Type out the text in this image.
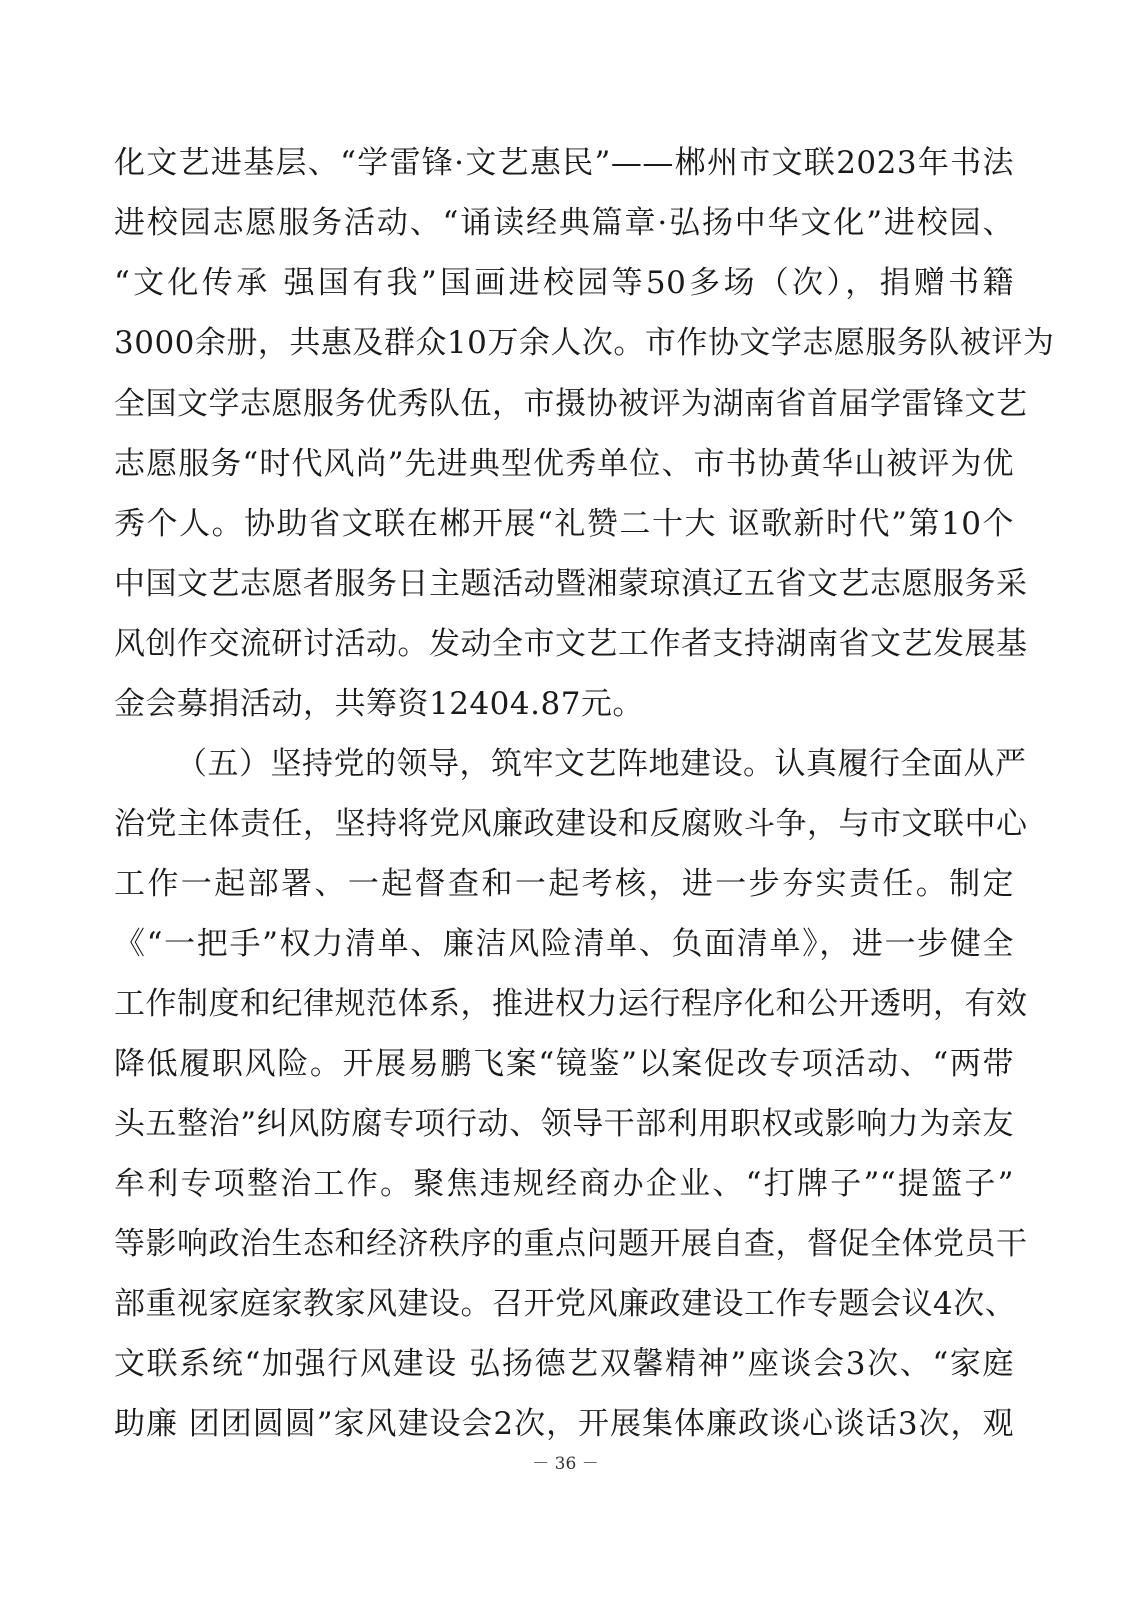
化文艺进基层、“学雷锋·文艺惠民”——郴州市文联2023年书法
进校园志愿服务活动、“诵读经典篇章·弘扬中华文化”进校园、
“文化传承 强国有我”国画进校园等50多场（次），捐赠书籍
3000余册，共惠及群众10万余人次。市作协文学志愿服务队被评为
全国文学志愿服务优秀队伍，市摄协被评为湖南省首届学雷锋文艺
志愿服务“时代风尚”先进典型优秀单位、市书协黄华山被评为优
秀个人。协助省文联在郴开展“礼赞二十大 讴歌新时代”第10个
中国文艺志愿者服务日主题活动暨湘蒙琼滇辽五省文艺志愿服务采
风创作交流研讨活动。发动全市文艺工作者支持湖南省文艺发展基
金会募捐活动，共筹资12404.87元。
（五）坚持党的领导，筑牢文艺阵地建设。认真履行全面从严
治党主体责任，坚持将党风廉政建设和反腐败斗争，与市文联中心
工作一起部署、一起督查和一起考核，进一步夯实责任。制定
《“一把手”权力清单、廉洁风险清单、负面清单》，进一步健全
工作制度和纪律规范体系，推进权力运行程序化和公开透明，有效
降低履职风险。开展易鹏飞案“镜鉴”以案促改专项活动、“两带
头五整治”纠风防腐专项行动、领导干部利用职权或影响力为亲友
牟利专项整治工作。聚焦违规经商办企业、“打牌子”“提篮子”
等影响政治生态和经济秩序的重点问题开展自查，督促全体党员干
部重视家庭家教家风建设。召开党风廉政建设工作专题会议4次、
文联系统“加强行风建设 弘扬德艺双馨精神”座谈会3次、“家庭
助廉 团团圆圆”家风建设会2次，开展集体廉政谈心谈话3次，观
－ 36 －
